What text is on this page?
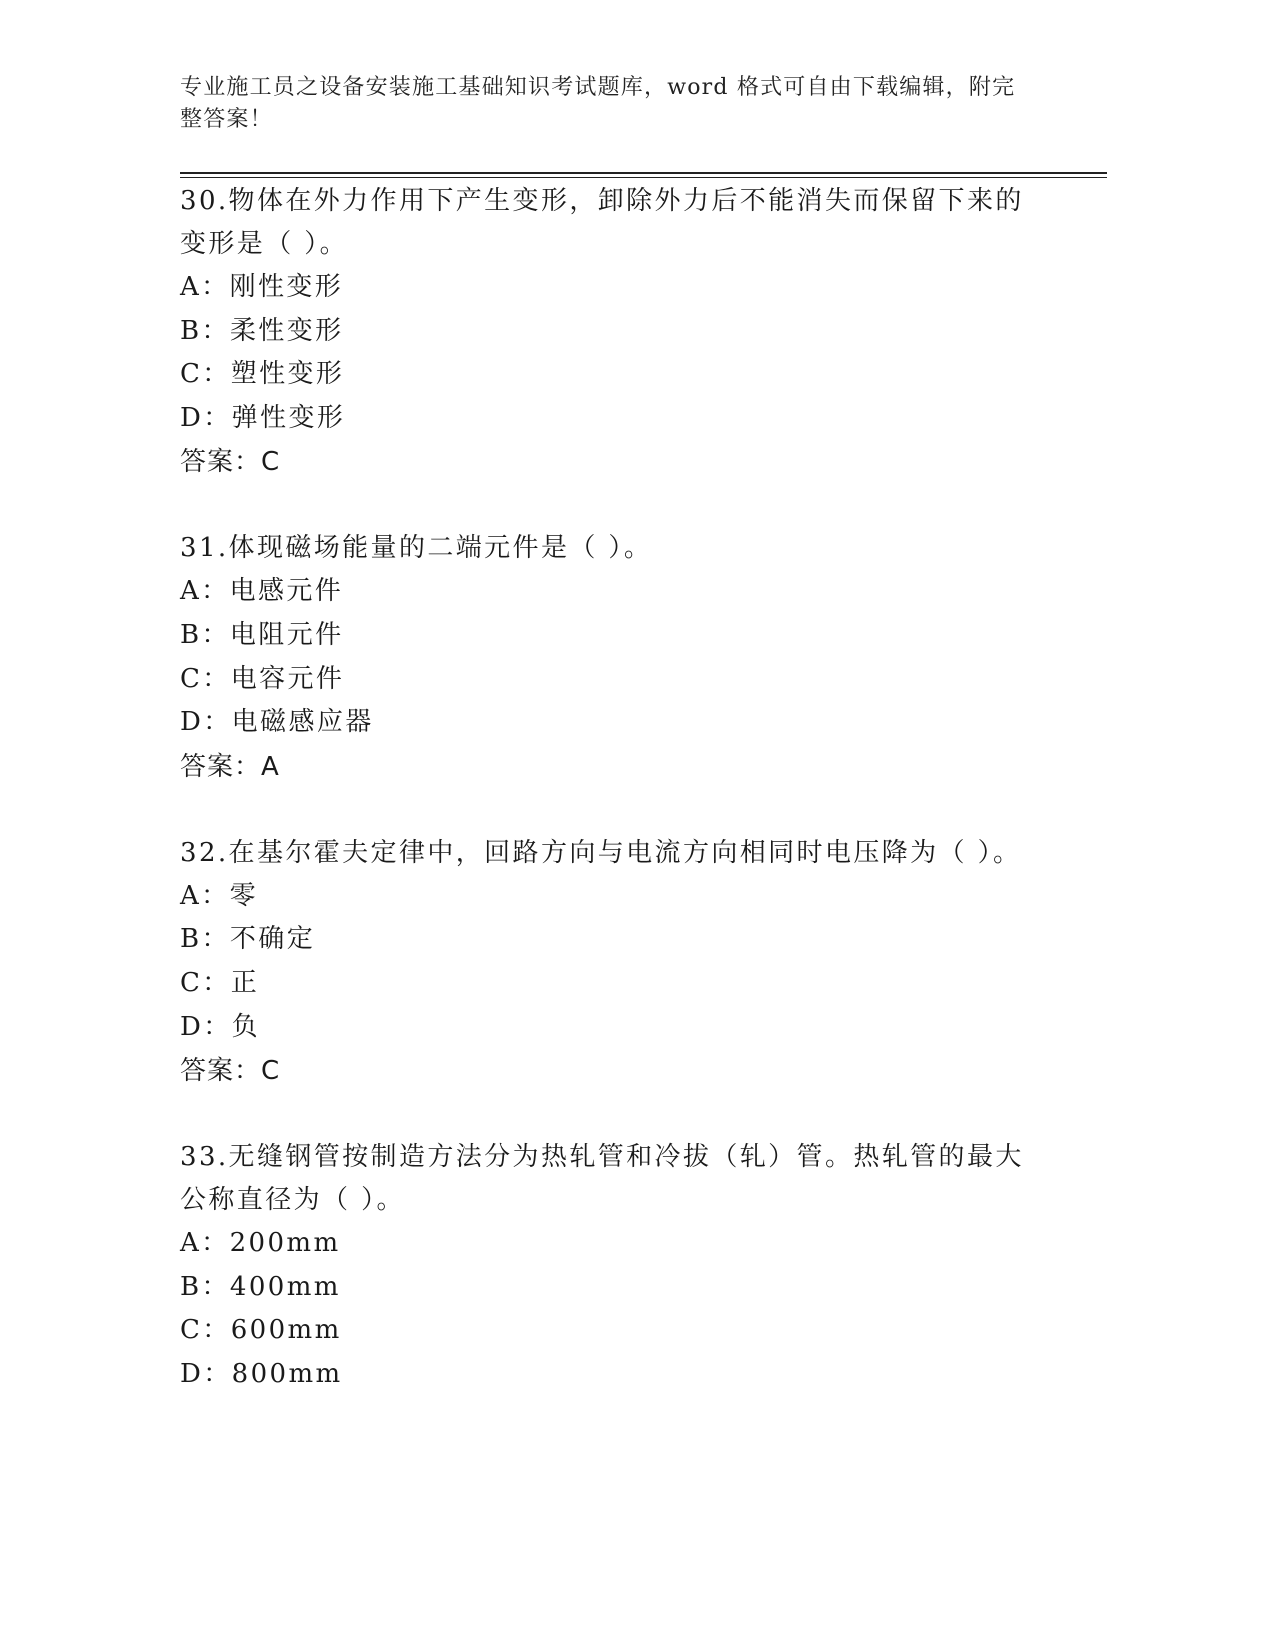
专业施工员之设备安装施工基础知识考试题库，word 格式可自由下载编辑，附完
整答案！

30.物体在外力作用下产生变形，卸除外力后不能消失而保留下来的变形是（ ）。

A：刚性变形

B：柔性变形

C：塑性变形

D：弹性变形

答案：C

31.体现磁场能量的二端元件是（ ）。

A：电感元件

B：电阻元件

C：电容元件

D：电磁感应器

答案：A

32.在基尔霍夫定律中，回路方向与电流方向相同时电压降为（ ）。

A：零

B：不确定

C：正

D：负

答案：C

33.无缝钢管按制造方法分为热轧管和冷拔（轧）管。热轧管的最大公称直径为（ ）。

A：200mm

B：400mm

C：600mm

D：800mm
